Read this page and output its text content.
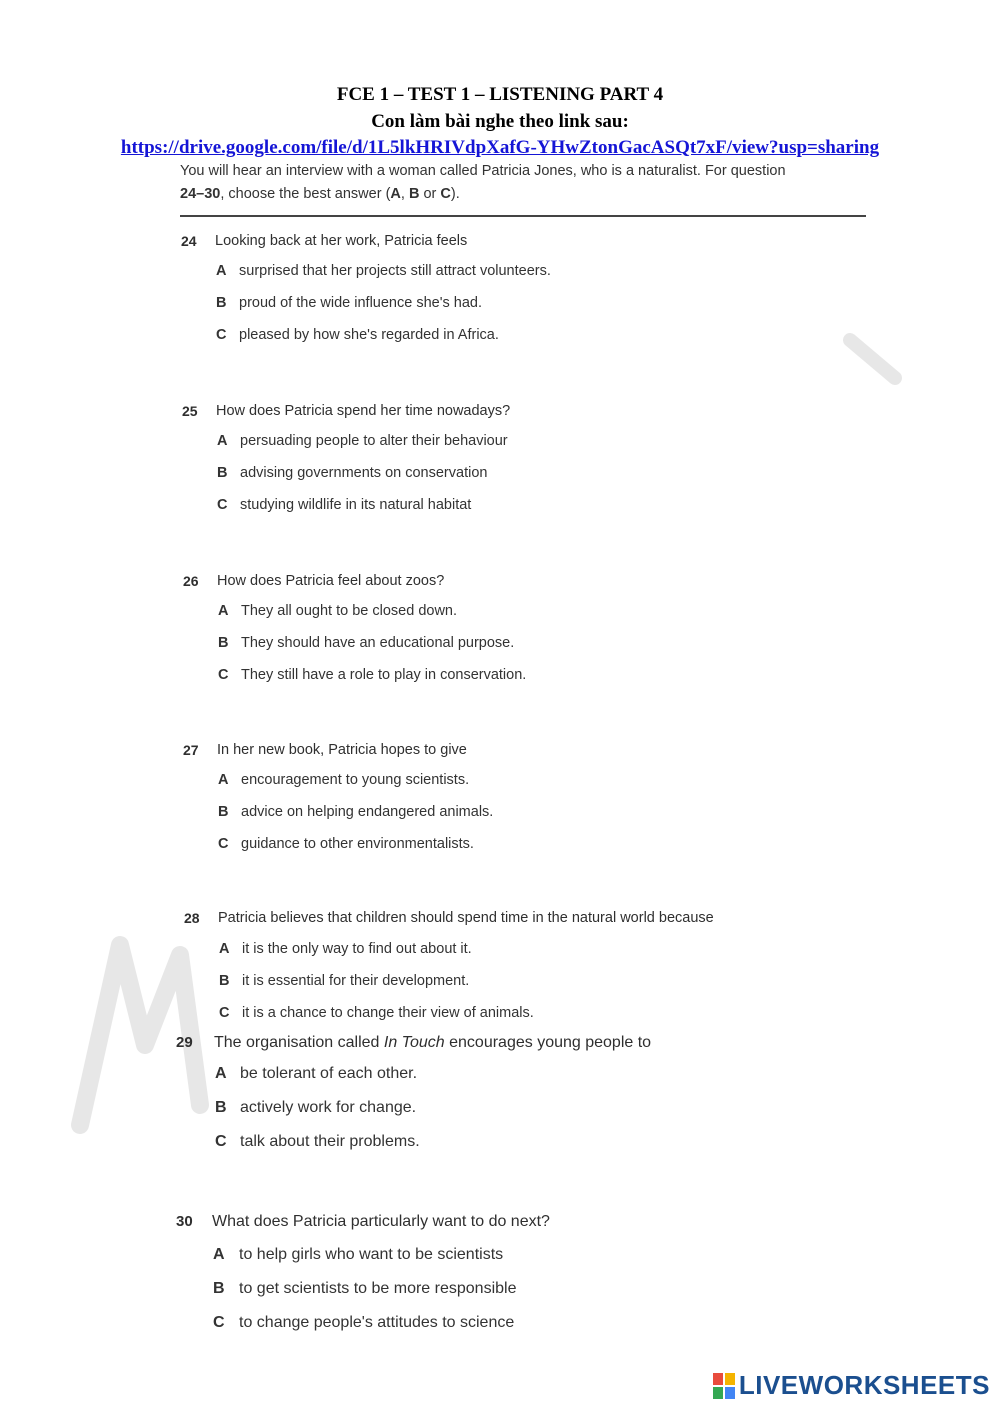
FCE 1 – TEST 1 – LISTENING PART 4
Con làm bài nghe theo link sau:
https://drive.google.com/file/d/1L5lkHRIVdpXafG-YHwZtonGacASQt7xF/view?usp=sharing
You will hear an interview with a woman called Patricia Jones, who is a naturalist. For question
24–30, choose the best answer (A, B or C).
24 Looking back at her work, Patricia feels
A surprised that her projects still attract volunteers.
B proud of the wide influence she's had.
C pleased by how she's regarded in Africa.
25 How does Patricia spend her time nowadays?
A persuading people to alter their behaviour
B advising governments on conservation
C studying wildlife in its natural habitat
26 How does Patricia feel about zoos?
A They all ought to be closed down.
B They should have an educational purpose.
C They still have a role to play in conservation.
27 In her new book, Patricia hopes to give
A encouragement to young scientists.
B advice on helping endangered animals.
C guidance to other environmentalists.
28 Patricia believes that children should spend time in the natural world because
A it is the only way to find out about it.
B it is essential for their development.
C it is a chance to change their view of animals.
29 The organisation called In Touch encourages young people to
A be tolerant of each other.
B actively work for change.
C talk about their problems.
30 What does Patricia particularly want to do next?
A to help girls who want to be scientists
B to get scientists to be more responsible
C to change people's attitudes to science
LIVEWORKSHEETS
